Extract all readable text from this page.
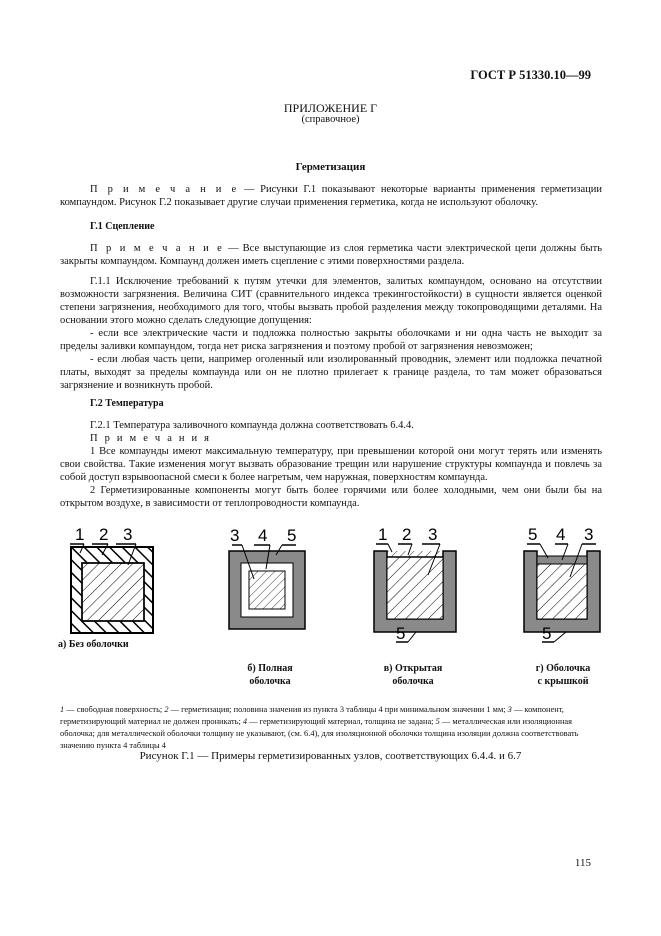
ГОСТ Р 51330.10—99
ПРИЛОЖЕНИЕ Г
(справочное)
Герметизация

П р и м е ч а н и е — Рисунки Г.1 показывают некоторые варианты применения герметизации компаундом. Рисунок Г.2 показывает другие случаи применения герметика, когда не используют оболочку.

Г.1 Сцепление

П р и м е ч а н и е — Все выступающие из слоя герметика части электрической цепи должны быть закрыты компаундом. Компаунд должен иметь сцепление с этими поверхностями раздела.

Г.1.1 Исключение требований к путям утечки для элементов, залитых компаундом, основано на отсутствии возможности загрязнения. Величина СИТ (сравнительного индекса трекингостойкости) в сущности является оценкой степени загрязнения, необходимого для того, чтобы вызвать пробой разделения между токопроводящими деталями. На основании этого можно сделать следующие допущения:

- если все электрические части и подложка полностью закрыты оболочками и ни одна часть не выходит за пределы заливки компаундом, тогда нет риска загрязнения и поэтому пробой от загрязнения невозможен;

- если любая часть цепи, например оголенный или изолированный проводник, элемент или подложка печатной платы, выходят за пределы компаунда или он не плотно прилегает к границе раздела, то там может образоваться загрязнение и возникнуть пробой.

Г.2 Температура

Г.2.1 Температура заливочного компаунда должна соответствовать 6.4.4.

П р и м е ч а н и я

1 Все компаунды имеют максимальную температуру, при превышении которой они могут терять или изменять свои свойства. Такие изменения могут вызвать образование трещин или нарушение структуры компаунда и повлечь за собой доступ взрывоопасной смеси к более нагретым, чем наружная, поверхностям компаунда.

2 Герметизированные компоненты могут быть более горячими или более холодными, чем они были бы на открытом воздухе, в зависимости от теплопроводности компаунда.

1 2 3	3 4 5	1 2 3
5
5 4 3
5
а) Без оболочки
б) Полная
оболочка
в) Открытая
оболочка
г) Оболочка
с крышкой
1 — свободная поверхность; 2 — герметизация; половина значения из пункта 3 таблицы 4 при минимальном значении 1 мм; 3 — компонент, герметизирующий материал не должен проникать; 4 — герметизирующий материал, толщина не задана; 5 — металлическая или изоляционная оболочка; для металлической оболочки толщину не указывают, (см. 6.4), для изоляционной оболочки толщина изоляции должна соответствовать значению пункта 4 таблицы 4
Рисунок Г.1 — Примеры герметизированных узлов, соответствующих 6.4.4. и 6.7
115
